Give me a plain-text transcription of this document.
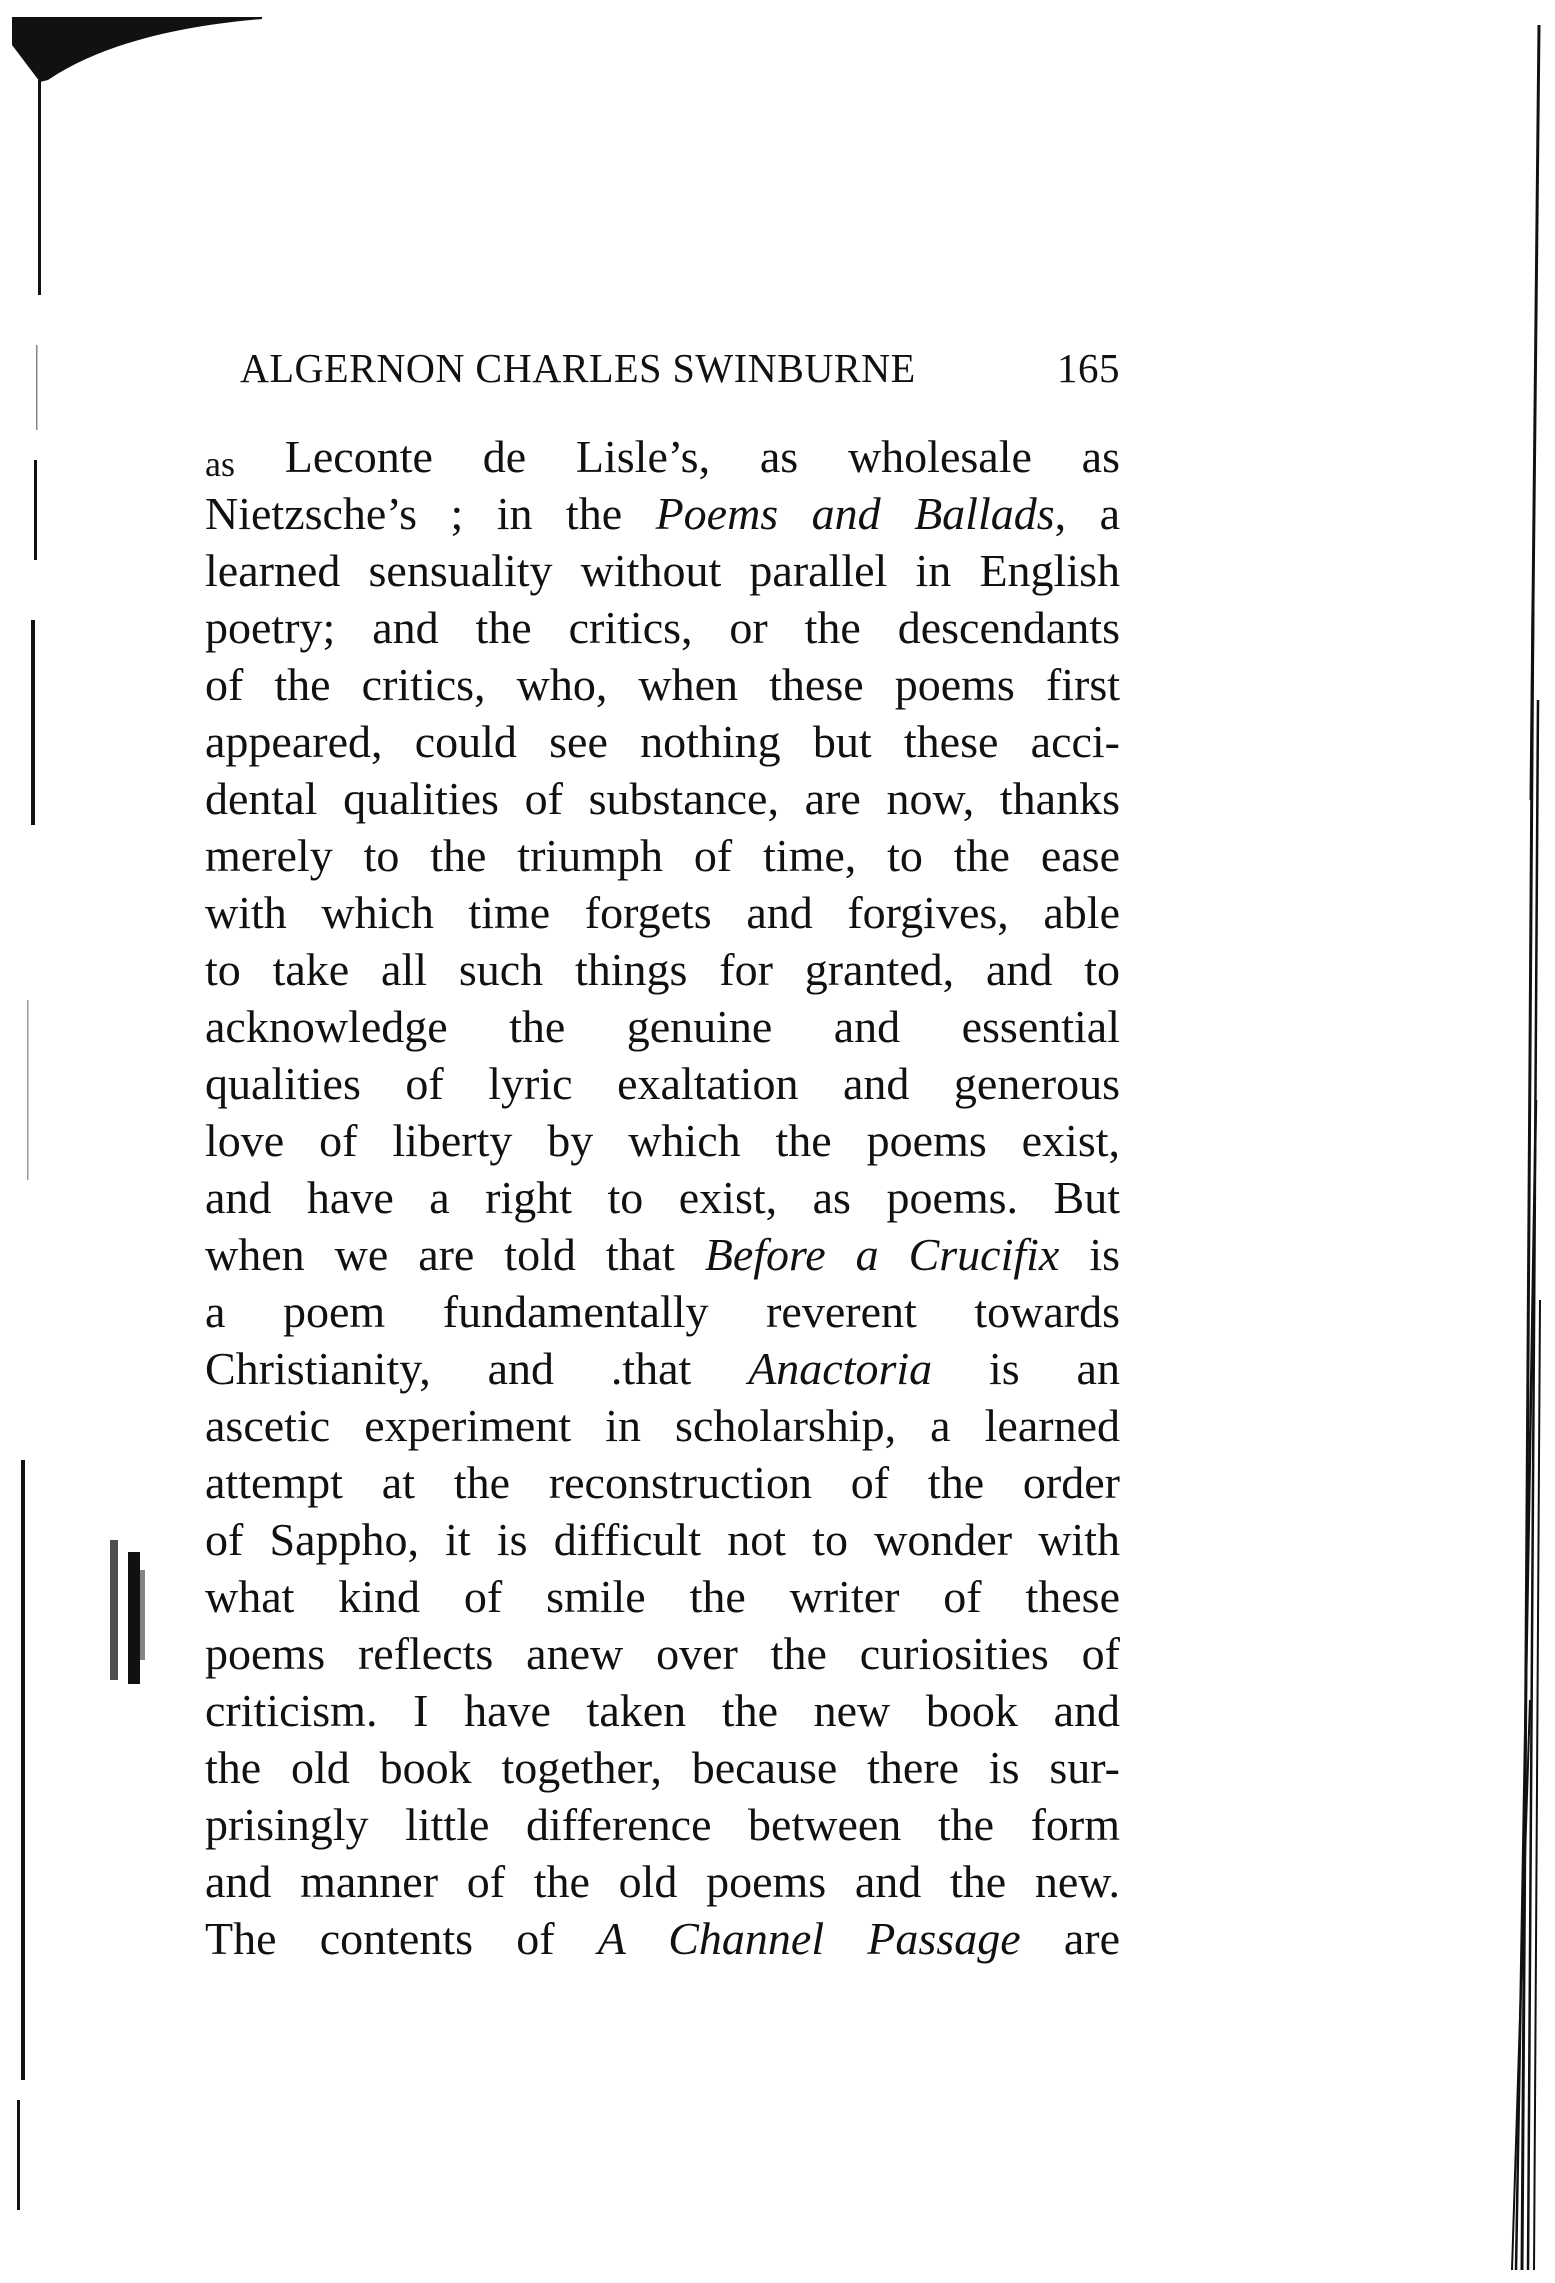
ALGERNON CHARLES SWINBURNE	165
as Leconte de Lisle’s, as wholesale as
Nietzsche’s ; in the Poems and Ballads, a
learned sensuality without parallel in English
poetry; and the critics, or the descendants
of the critics, who, when these poems first
appeared, could see nothing but these acci-
dental qualities of substance, are now, thanks
merely to the triumph of time, to the ease
with which time forgets and forgives, able
to take all such things for granted, and to
acknowledge the genuine and essential
qualities of lyric exaltation and generous
love of liberty by which the poems exist,
and have a right to exist, as poems. But
when we are told that Before a Crucifix is
a poem fundamentally reverent towards
Christianity, and .that Anactoria is an
ascetic experiment in scholarship, a learned
attempt at the reconstruction of the order
of Sappho, it is difficult not to wonder with
what kind of smile the writer of these
poems reflects anew over the curiosities of
criticism. I have taken the new book and
the old book together, because there is sur-
prisingly little difference between the form
and manner of the old poems and the new.
The contents of A Channel Passage are
